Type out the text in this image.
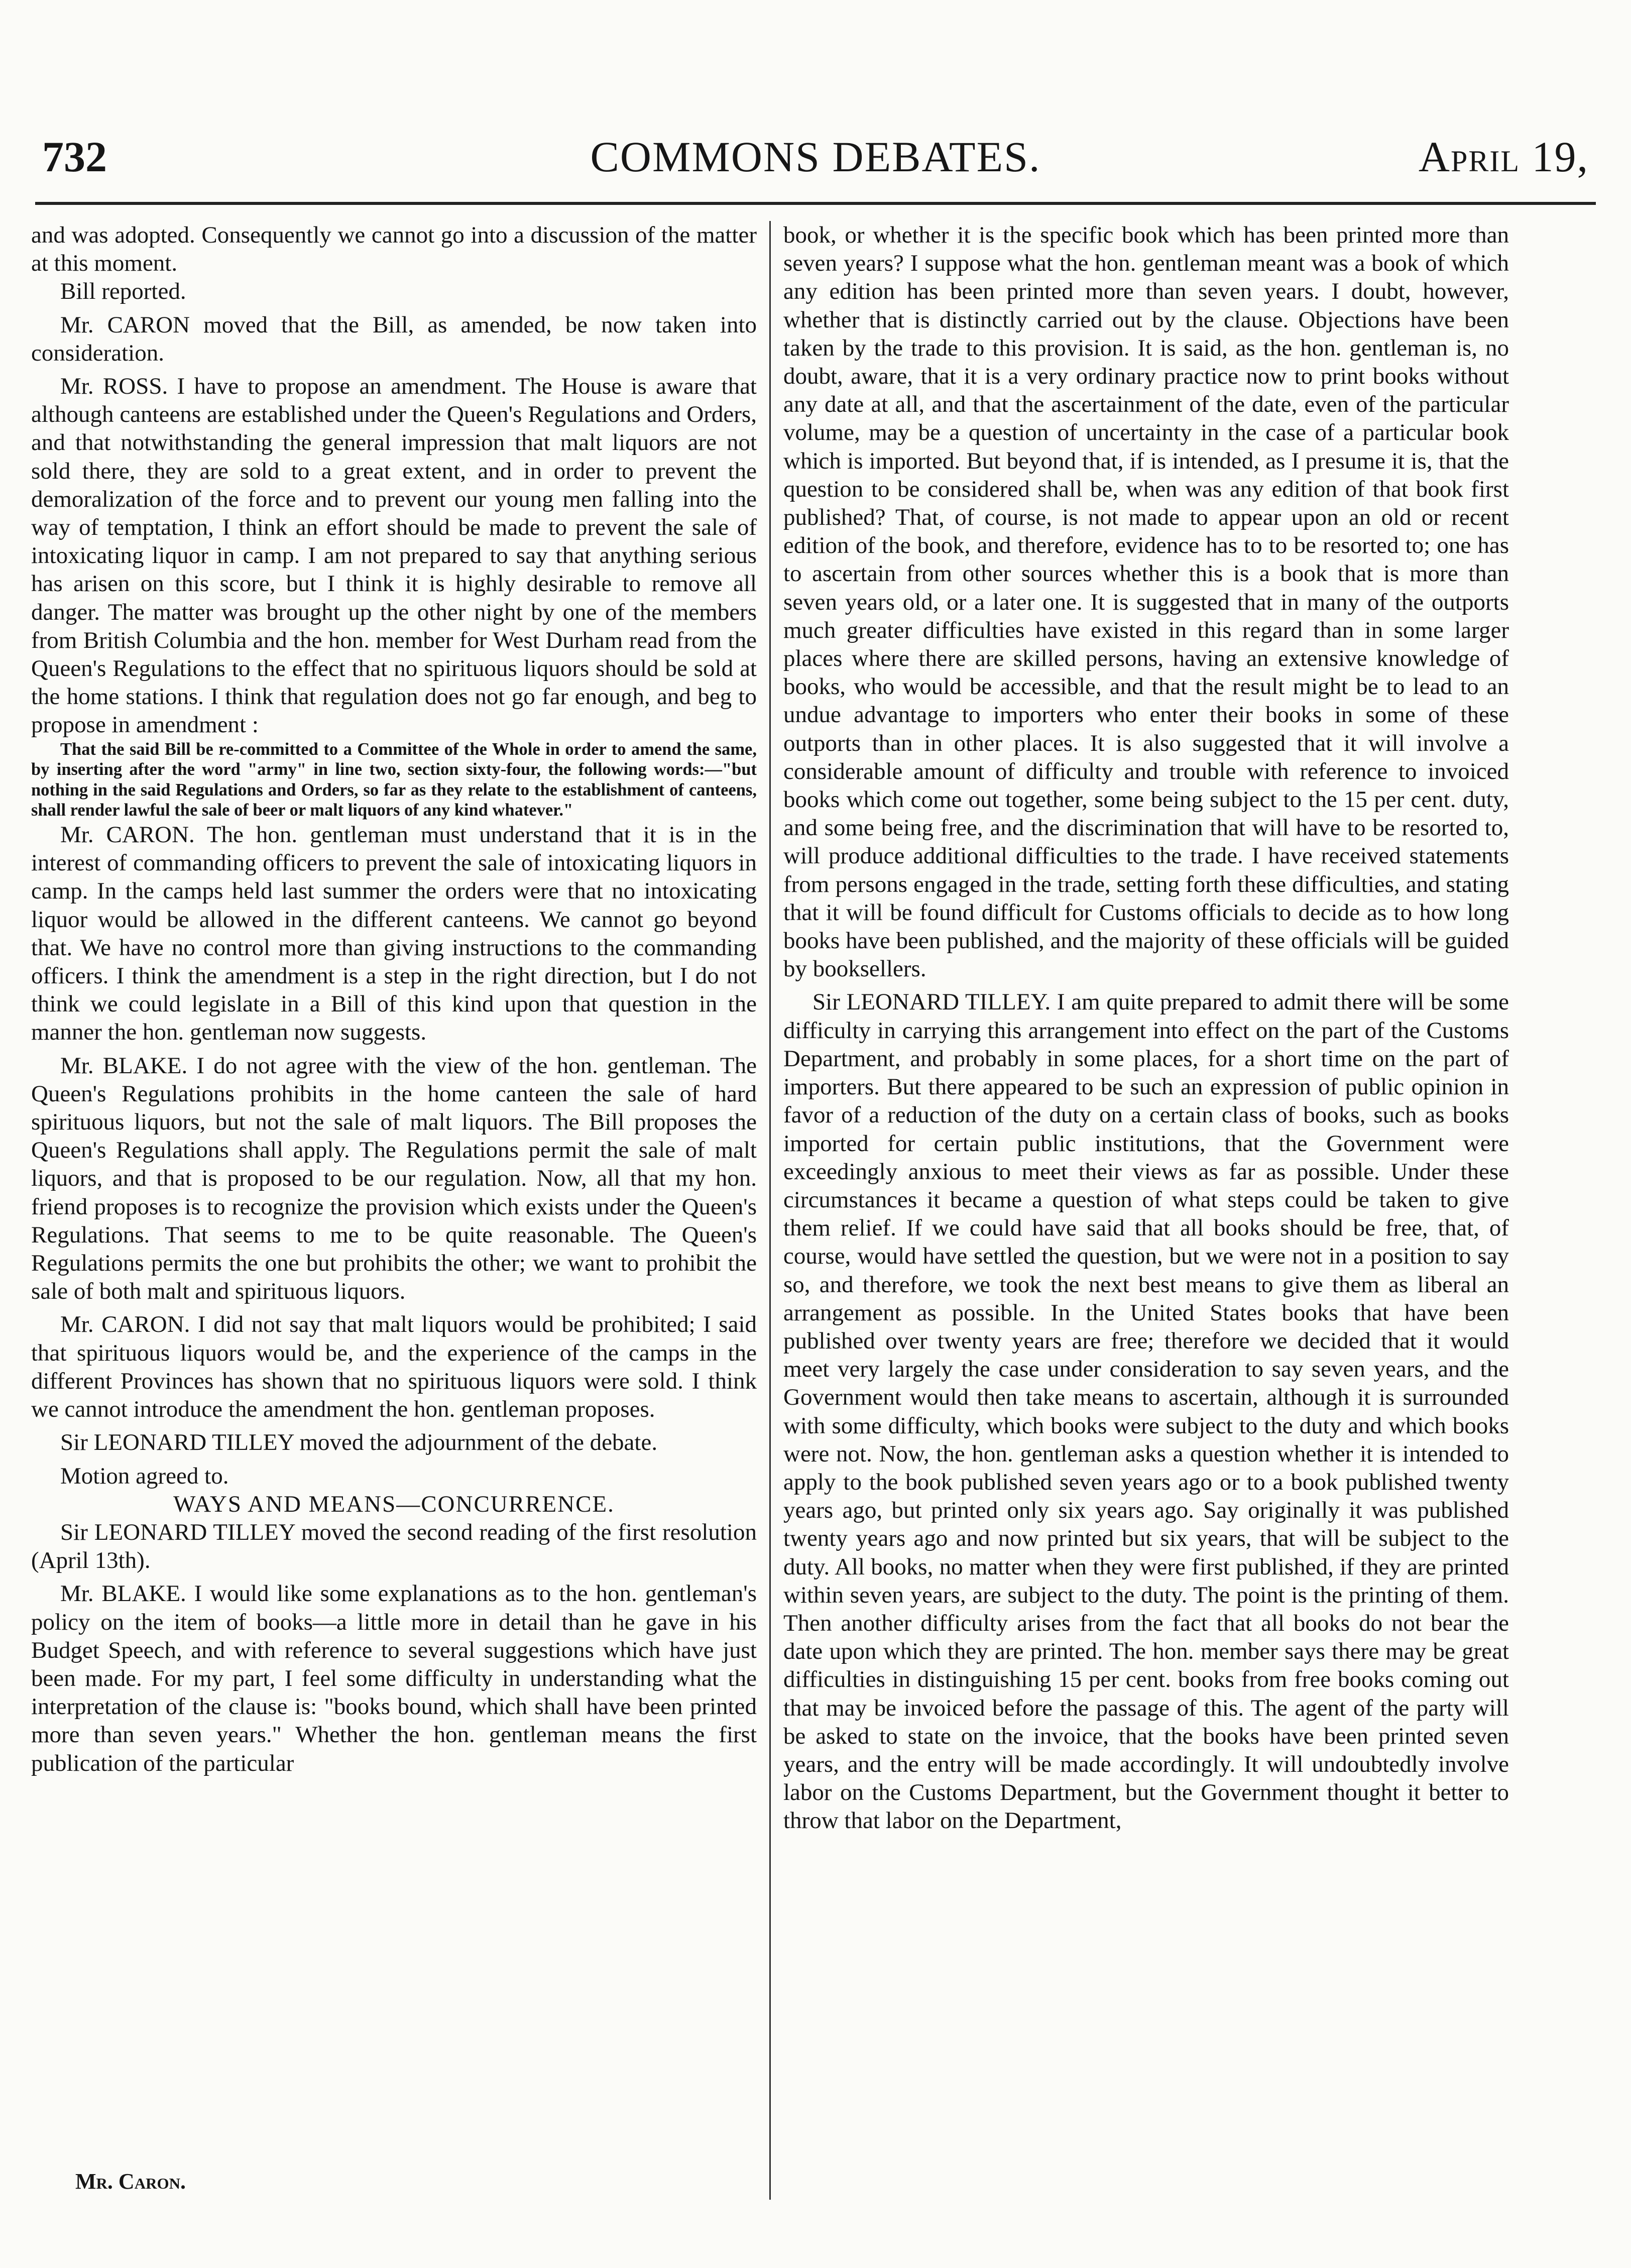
732	COMMONS DEBATES.	April 19,

and was adopted. Consequently we cannot go into a discussion of the matter at this moment.

Bill reported.

Mr. CARON moved that the Bill, as amended, be now taken into consideration.

Mr. ROSS. I have to propose an amendment. The House is aware that although canteens are established under the Queen's Regulations and Orders, and that notwithstanding the general impression that malt liquors are not sold there, they are sold to a great extent, and in order to prevent the demoralization of the force and to prevent our young men falling into the way of temptation, I think an effort should be made to prevent the sale of intoxicating liquor in camp. I am not prepared to say that anything serious has arisen on this score, but I think it is highly desirable to remove all danger. The matter was brought up the other night by one of the members from British Columbia and the hon. member for West Durham read from the Queen's Regulations to the effect that no spirituous liquors should be sold at the home stations. I think that regulation does not go far enough, and beg to propose in amendment :

That the said Bill be re-committed to a Committee of the Whole in order to amend the same, by inserting after the word "army" in line two, section sixty-four, the following words:—"but nothing in the said Regulations and Orders, so far as they relate to the establishment of canteens, shall render lawful the sale of beer or malt liquors of any kind whatever."

Mr. CARON. The hon. gentleman must understand that it is in the interest of commanding officers to prevent the sale of intoxicating liquors in camp. In the camps held last summer the orders were that no intoxicating liquor would be allowed in the different canteens. We cannot go beyond that. We have no control more than giving instructions to the commanding officers. I think the amendment is a step in the right direction, but I do not think we could legislate in a Bill of this kind upon that question in the manner the hon. gentleman now suggests.

Mr. BLAKE. I do not agree with the view of the hon. gentleman. The Queen's Regulations prohibits in the home canteen the sale of hard spirituous liquors, but not the sale of malt liquors. The Bill proposes the Queen's Regulations shall apply. The Regulations permit the sale of malt liquors, and that is proposed to be our regulation. Now, all that my hon. friend proposes is to recognize the provision which exists under the Queen's Regulations. That seems to me to be quite reasonable. The Queen's Regulations permits the one but prohibits the other; we want to prohibit the sale of both malt and spirituous liquors.

Mr. CARON. I did not say that malt liquors would be prohibited; I said that spirituous liquors would be, and the experience of the camps in the different Provinces has shown that no spirituous liquors were sold. I think we cannot introduce the amendment the hon. gentleman proposes.

Sir LEONARD TILLEY moved the adjournment of the debate.

Motion agreed to.

WAYS AND MEANS—CONCURRENCE.

Sir LEONARD TILLEY moved the second reading of the first resolution (April 13th).

Mr. BLAKE. I would like some explanations as to the hon. gentleman's policy on the item of books—a little more in detail than he gave in his Budget Speech, and with reference to several suggestions which have just been made. For my part, I feel some difficulty in understanding what the interpretation of the clause is: "books bound, which shall have been printed more than seven years." Whether the hon. gentleman means the first publication of the particular

book, or whether it is the specific book which has been printed more than seven years? I suppose what the hon. gentleman meant was a book of which any edition has been printed more than seven years. I doubt, however, whether that is distinctly carried out by the clause. Objections have been taken by the trade to this provision. It is said, as the hon. gentleman is, no doubt, aware, that it is a very ordinary practice now to print books without any date at all, and that the ascertainment of the date, even of the particular volume, may be a question of uncertainty in the case of a particular book which is imported. But beyond that, if is intended, as I presume it is, that the question to be considered shall be, when was any edition of that book first published? That, of course, is not made to appear upon an old or recent edition of the book, and therefore, evidence has to to be resorted to; one has to ascertain from other sources whether this is a book that is more than seven years old, or a later one. It is suggested that in many of the outports much greater difficulties have existed in this regard than in some larger places where there are skilled persons, having an extensive knowledge of books, who would be accessible, and that the result might be to lead to an undue advantage to importers who enter their books in some of these outports than in other places. It is also suggested that it will involve a considerable amount of difficulty and trouble with reference to invoiced books which come out together, some being subject to the 15 per cent. duty, and some being free, and the discrimination that will have to be resorted to, will produce additional difficulties to the trade. I have received statements from persons engaged in the trade, setting forth these difficulties, and stating that it will be found difficult for Customs officials to decide as to how long books have been published, and the majority of these officials will be guided by booksellers.

Sir LEONARD TILLEY. I am quite prepared to admit there will be some difficulty in carrying this arrangement into effect on the part of the Customs Department, and probably in some places, for a short time on the part of importers. But there appeared to be such an expression of public opinion in favor of a reduction of the duty on a certain class of books, such as books imported for certain public institutions, that the Government were exceedingly anxious to meet their views as far as possible. Under these circumstances it became a question of what steps could be taken to give them relief. If we could have said that all books should be free, that, of course, would have settled the question, but we were not in a position to say so, and therefore, we took the next best means to give them as liberal an arrangement as possible. In the United States books that have been published over twenty years are free; therefore we decided that it would meet very largely the case under consideration to say seven years, and the Government would then take means to ascertain, although it is surrounded with some difficulty, which books were subject to the duty and which books were not. Now, the hon. gentleman asks a question whether it is intended to apply to the book published seven years ago or to a book published twenty years ago, but printed only six years ago. Say originally it was published twenty years ago and now printed but six years, that will be subject to the duty. All books, no matter when they were first published, if they are printed within seven years, are subject to the duty. The point is the printing of them. Then another difficulty arises from the fact that all books do not bear the date upon which they are printed. The hon. member says there may be great difficulties in distinguishing 15 per cent. books from free books coming out that may be invoiced before the passage of this. The agent of the party will be asked to state on the invoice, that the books have been printed seven years, and the entry will be made accordingly. It will undoubtedly involve labor on the Customs Department, but the Government thought it better to throw that labor on the Department,

Mr. Caron.
